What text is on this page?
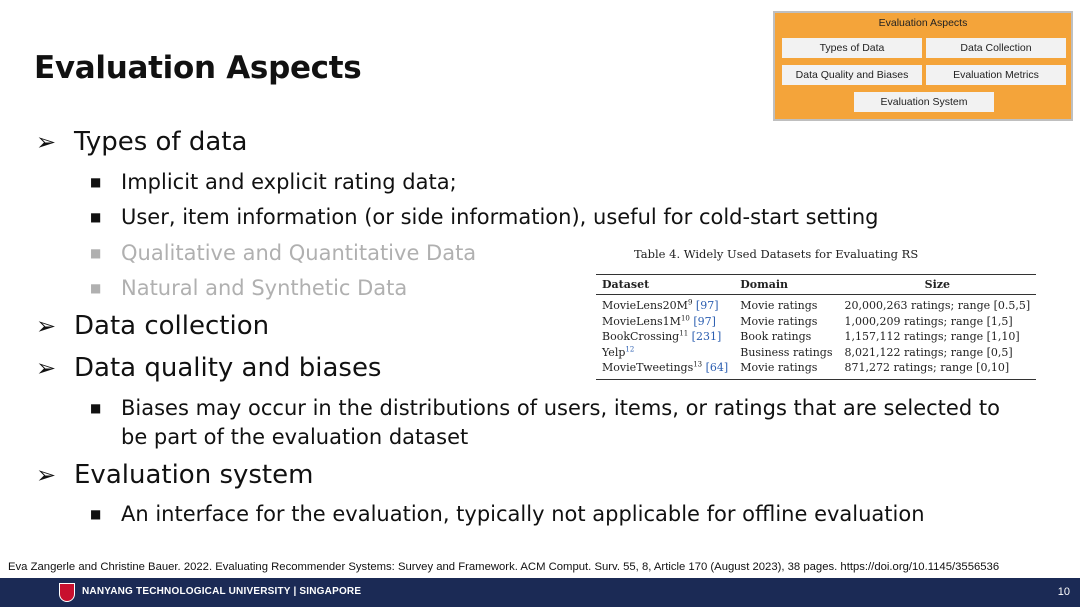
Evaluation Aspects
Evaluation Aspects
Types of Data	Data Collection
Data Quality and Biases	Evaluation Metrics
Evaluation System
➢ Types of data
■ Implicit and explicit rating data;
■ User, item information (or side information), useful for cold-start setting
■ Qualitative and Quantitative Data
■ Natural and Synthetic Data
➢ Data collection
➢ Data quality and biases
■ Biases may occur in the distributions of users, items, or ratings that are selected to be part of the evaluation dataset
➢ Evaluation system
■ An interface for the evaluation, typically not applicable for offline evaluation
Table 4. Widely Used Datasets for Evaluating RS
Dataset	Domain	Size
$MovieLens20M^9$ [97]	Movie ratings	20,000,263 ratings; range [0.5,5]
$MovieLens1M^{10}$ [97]	Movie ratings	1,000,209 ratings; range [1,5]
BookCrossing$^{11}$ [231]	Book ratings	1,157,112 ratings; range [1,10]
Yelp$^{12}$	Business ratings	8,021,122 ratings; range [0,5]
MovieTweetings$^{13}$ [64]	Movie ratings	871,272 ratings; range [0,10]
Eva Zangerle and Christine Bauer. 2022. Evaluating Recommender Systems: Survey and Framework. ACM Comput. Surv. 55, 8, Article 170 (August 2023), 38 pages. https://doi.org/10.1145/3556536
NANYANG TECHNOLOGICAL UNIVERSITY | SINGAPORE	10
